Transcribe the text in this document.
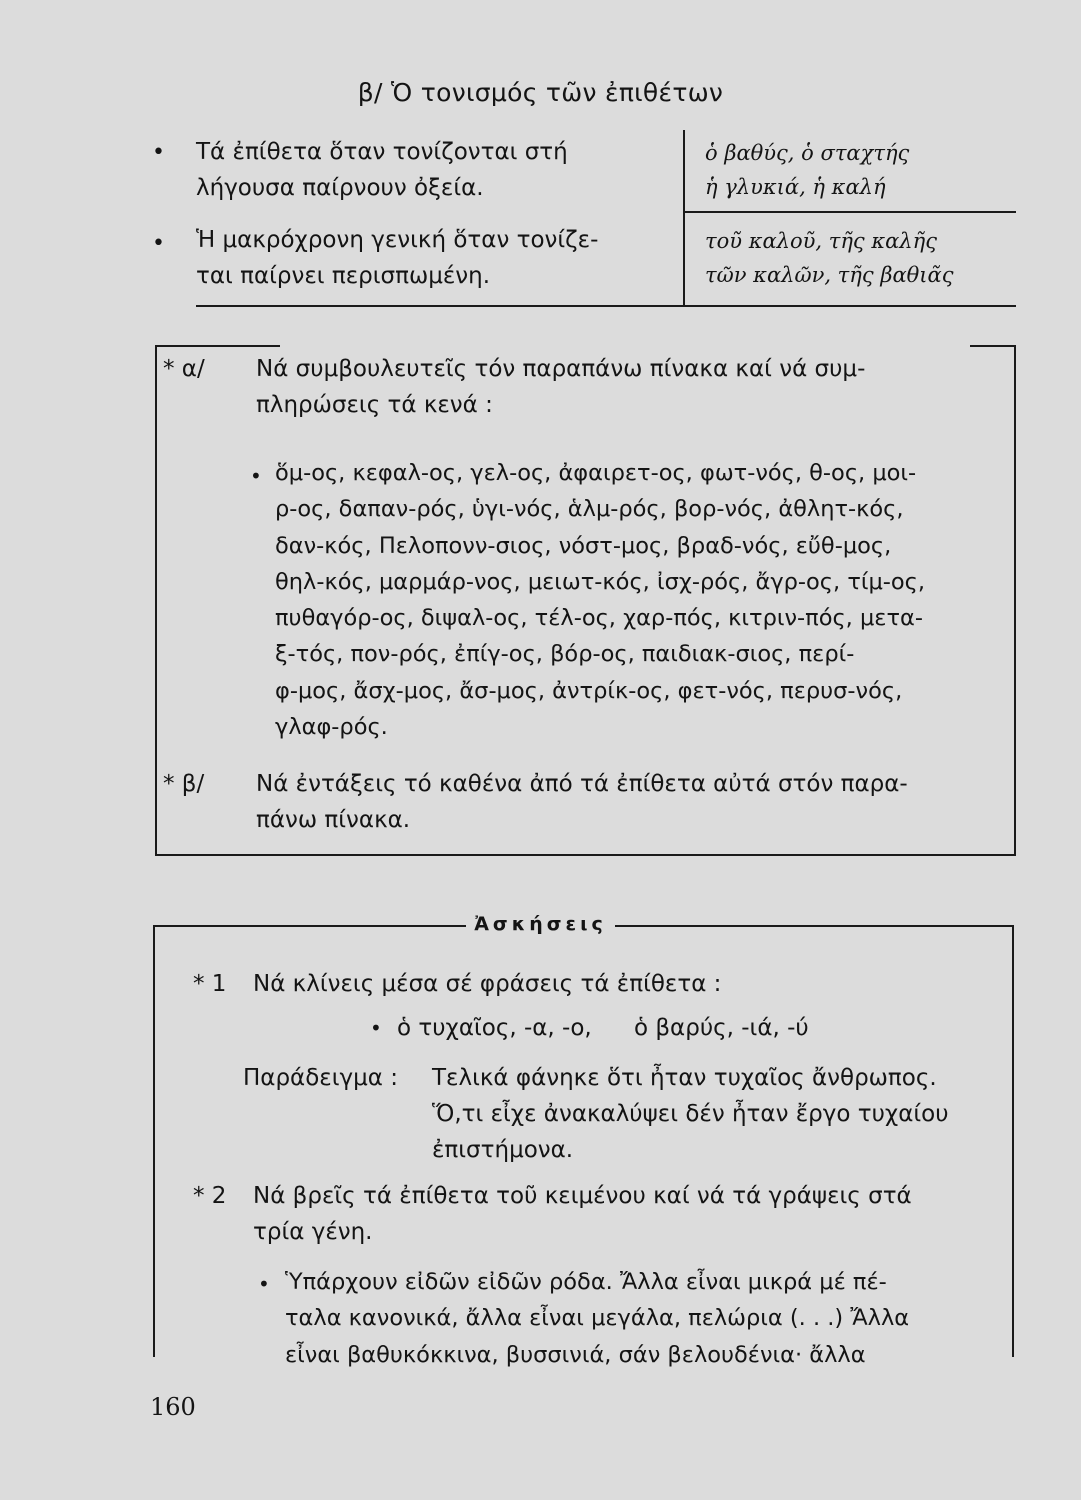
β/ Ὁ τονισμός τῶν ἐπιθέτων
• Τά ἐπίθετα ὅταν τονίζονται στή
λήγουσα παίρνουν ὀξεία.
ὁ βαθύς, ὁ σταχτής
ἡ γλυκιά, ἡ καλή
• Ἡ μακρόχρονη γενική ὅταν τονίζε-
ται παίρνει περισπωμένη.
τοῦ καλοῦ, τῆς καλῆς
τῶν καλῶν, τῆς βαθιᾶς
* α/ Νά συμβουλευτεῖς τόν παραπάνω πίνακα καί νά συμ-

πληρώσεις τά κενά :

• ὅμ-ος, κεφαλ-ος, γελ-ος, ἀφαιρετ-ος, φωτ-νός, θ-ος, μοι-

ρ-ος, δαπαν-ρός, ὑγι-νός, ἁλμ-ρός, βορ-νός, ἀθλητ-κός,

δαν-κός, Πελοπονν‑σιος, νόστ-μος, βραδ-νός, εὔθ-μος,

θηλ-κός, μαρμάρ-νος, μειωτ-κός, ἰσχ-ρός, ἄγρ-ος, τίμ-ος,

πυθαγόρ-ος, διψαλ-ος, τέλ-ος, χαρ-πός, κιτριν-πός, μετα-

ξ-τός, πον-ρός, ἐπίγ-ος, βόρ-ος, παιδιακ-σιος, περί-

φ-μος, ἄσχ-μος, ἄσ-μος, ἀντρίκ-ος, φετ-νός, περυσ-νός,

γλαφ-ρός.

* β/ Νά ἐντάξεις τό καθένα ἀπό τά ἐπίθετα αὐτά στόν παρα-

πάνω πίνακα.

Ἀσκήσεις
* 1 Νά κλίνεις μέσα σέ φράσεις τά ἐπίθετα :
• ὁ τυχαῖος, -α, -ο, ὁ βαρύς, -ιά, -ύ
Παράδειγμα : Τελικά φάνηκε ὅτι ἦταν τυχαῖος ἄνθρωπος.

Ὅ,τι εἶχε ἀνακαλύψει δέν ἦταν ἔργο τυχαίου

ἐπιστήμονα.

* 2 Νά βρεῖς τά ἐπίθετα τοῦ κειμένου καί νά τά γράψεις στά

τρία γένη.

• Ὑπάρχουν εἰδῶν εἰδῶν ρόδα. Ἄλλα εἶναι μικρά μέ πέ-

ταλα κανονικά, ἄλλα εἶναι μεγάλα, πελώρια (. . .) Ἄλλα

εἶναι βαθυκόκκινα, βυσσινιά, σάν βελουδένια· ἄλλα

160
